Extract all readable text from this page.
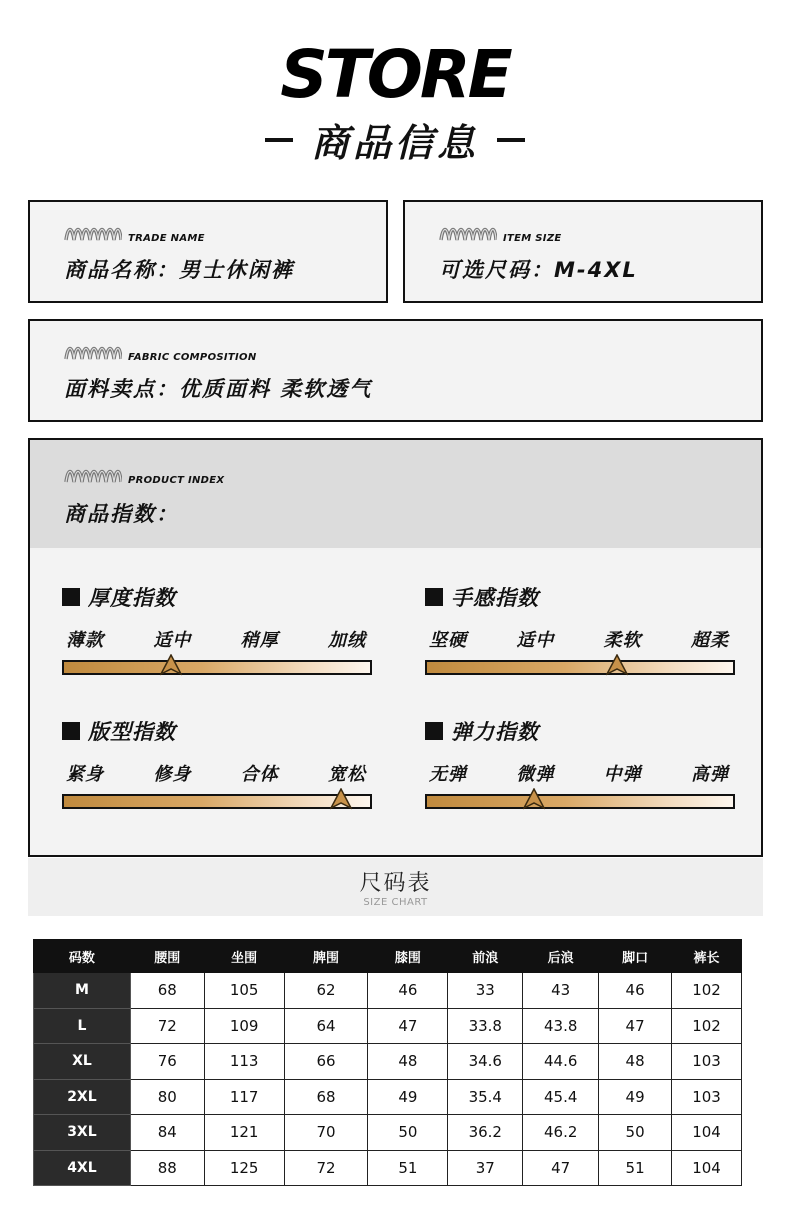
STORE
商品信息
TRADE NAME
商品名称：男士休闲裤
ITEM SIZE
可选尺码：M-4XL
FABRIC COMPOSITION
面料卖点：优质面料 柔软透气
PRODUCT INDEX
商品指数：
厚度指数
薄款	适中	稍厚	加绒
手感指数
坚硬	适中	柔软	超柔
版型指数
紧身	修身	合体	宽松
弹力指数
无弹	微弹	中弹	高弹
尺码表
SIZE CHART
码数	腰围	坐围	脾围	膝围	前浪	后浪	脚口	裤长
M	68	105	62	46	33	43	46	102
L	72	109	64	47	33.8	43.8	47	102
XL	76	113	66	48	34.6	44.6	48	103
2XL	80	117	68	49	35.4	45.4	49	103
3XL	84	121	70	50	36.2	46.2	50	104
4XL	88	125	72	51	37	47	51	104
